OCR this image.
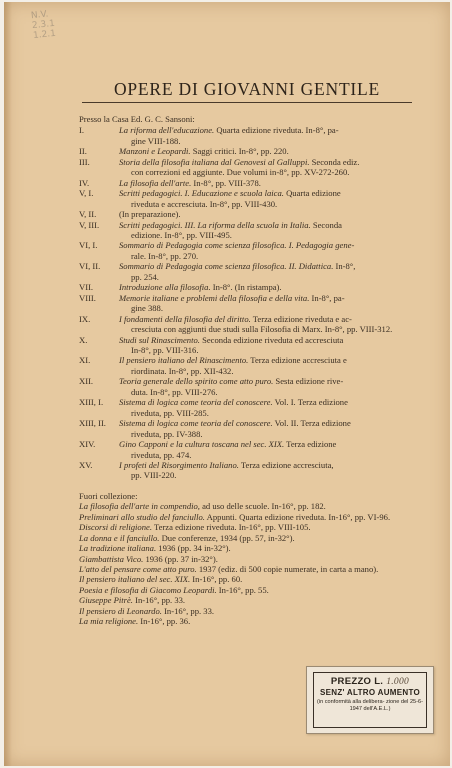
N.V.
2.3.1
1.2.1
OPERE DI GIOVANNI GENTILE
Presso la Casa Ed. G. C. Sansoni:
I.	La riforma dell'educazione. Quarta edizione riveduta. In-8°, pa-
gine VIII-188.
II.	Manzoni e Leopardi. Saggi critici. In-8°, pp. 220.
III.	Storia della filosofia italiana dal Genovesi al Galluppi. Seconda ediz.
con correzioni ed aggiunte. Due volumi in-8°, pp. XV-272-260.
IV.	La filosofia dell'arte. In-8°, pp. VIII-378.
V, I.	Scritti pedagogici. I. Educazione e scuola laica. Quarta edizione
riveduta e accresciuta. In-8°, pp. VIII-430.
V, II.	(In preparazione).
V, III.	Scritti pedagogici. III. La riforma della scuola in Italia. Seconda
edizione. In-8°, pp. VIII-495.
VI, I.	Sommario di Pedagogia come scienza filosofica. I. Pedagogia gene-
rale. In-8°, pp. 270.
VI, II.	Sommario di Pedagogia come scienza filosofica. II. Didattica. In-8°,
pp. 254.
VII.	Introduzione alla filosofia. In-8°. (In ristampa).
VIII.	Memorie italiane e problemi della filosofia e della vita. In-8°, pa-
gine 388.
IX.	I fondamenti della filosofia del diritto. Terza edizione riveduta e ac-
cresciuta con aggiunti due studi sulla Filosofia di Marx. In-8°, pp. VIII-312.
X.	Studi sul Rinascimento. Seconda edizione riveduta ed accresciuta
In-8°, pp. VIII-316.
XI.	Il pensiero italiano del Rinascimento. Terza edizione accresciuta e
riordinata. In-8°, pp. XII-432.
XII.	Teoria generale dello spirito come atto puro. Sesta edizione rive-
duta. In-8°, pp. VIII-276.
XIII, I.	Sistema di logica come teoria del conoscere. Vol. I. Terza edizione
riveduta, pp. VIII-285.
XIII, II.	Sistema di logica come teoria del conoscere. Vol. II. Terza edizione
riveduta, pp. IV-388.
XIV.	Gino Capponi e la cultura toscana nel sec. XIX. Terza edizione
riveduta, pp. 474.
XV.	I profeti del Risorgimento Italiano. Terza edizione accresciuta,
pp. VIII-220.
Fuori collezione:
La filosofia dell'arte in compendio, ad uso delle scuole. In-16°, pp. 182.
Preliminari allo studio del fanciullo. Appunti. Quarta edizione riveduta. In-16°, pp. VI-96.
Discorsi di religione. Terza edizione riveduta. In-16°, pp. VIII-105.
La donna e il fanciullo. Due conferenze, 1934 (pp. 57, in-32°).
La tradizione italiana. 1936 (pp. 34 in-32°).
Giambattista Vico. 1936 (pp. 37 in-32°).
L'atto del pensare come atto puro. 1937 (ediz. di 500 copie numerate, in carta a mano).
Il pensiero italiano del sec. XIX. In-16°, pp. 60.
Poesia e filosofia di Giacomo Leopardi. In-16°, pp. 55.
Giuseppe Pitrè. In-16°, pp. 33.
Il pensiero di Leonardo. In-16°, pp. 33.
La mia religione. In-16°, pp. 36.
PREZZO L. 1.000
SENZ' ALTRO AUMENTO
(in conformità alla delibera- zione del 25-6-1947 dell'A.E.L.)
